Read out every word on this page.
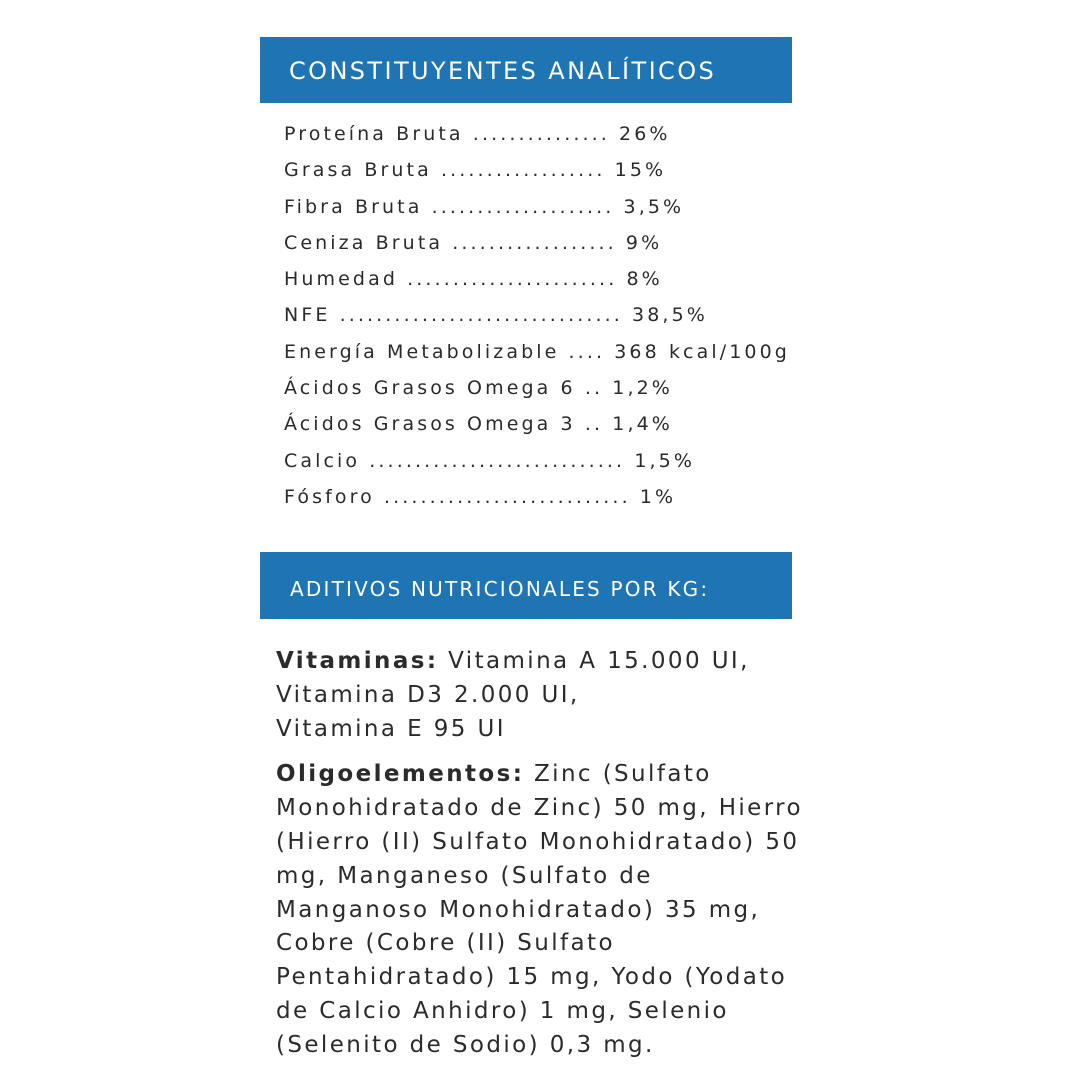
CONSTITUYENTES ANALÍTICOS
Proteína Bruta ............... 26%
Grasa Bruta .................. 15%
Fibra Bruta .................... 3,5%
Ceniza Bruta .................. 9%
Humedad ....................... 8%
NFE ............................... 38,5%
Energía Metabolizable .... 368 kcal/100g
Ácidos Grasos Omega 6 .. 1,2%
Ácidos Grasos Omega 3 .. 1,4%
Calcio ............................ 1,5%
Fósforo ........................... 1%
ADITIVOS NUTRICIONALES POR KG:
Vitaminas: Vitamina A 15.000 UI,
Vitamina D3 2.000 UI,
Vitamina E 95 UI
Oligoelementos: Zinc (Sulfato
Monohidratado de Zinc) 50 mg, Hierro
(Hierro (II) Sulfato Monohidratado) 50
mg, Manganeso (Sulfato de
Manganoso Monohidratado) 35 mg,
Cobre (Cobre (II) Sulfato
Pentahidratado) 15 mg, Yodo (Yodato
de Calcio Anhidro) 1 mg, Selenio
(Selenito de Sodio) 0,3 mg.
